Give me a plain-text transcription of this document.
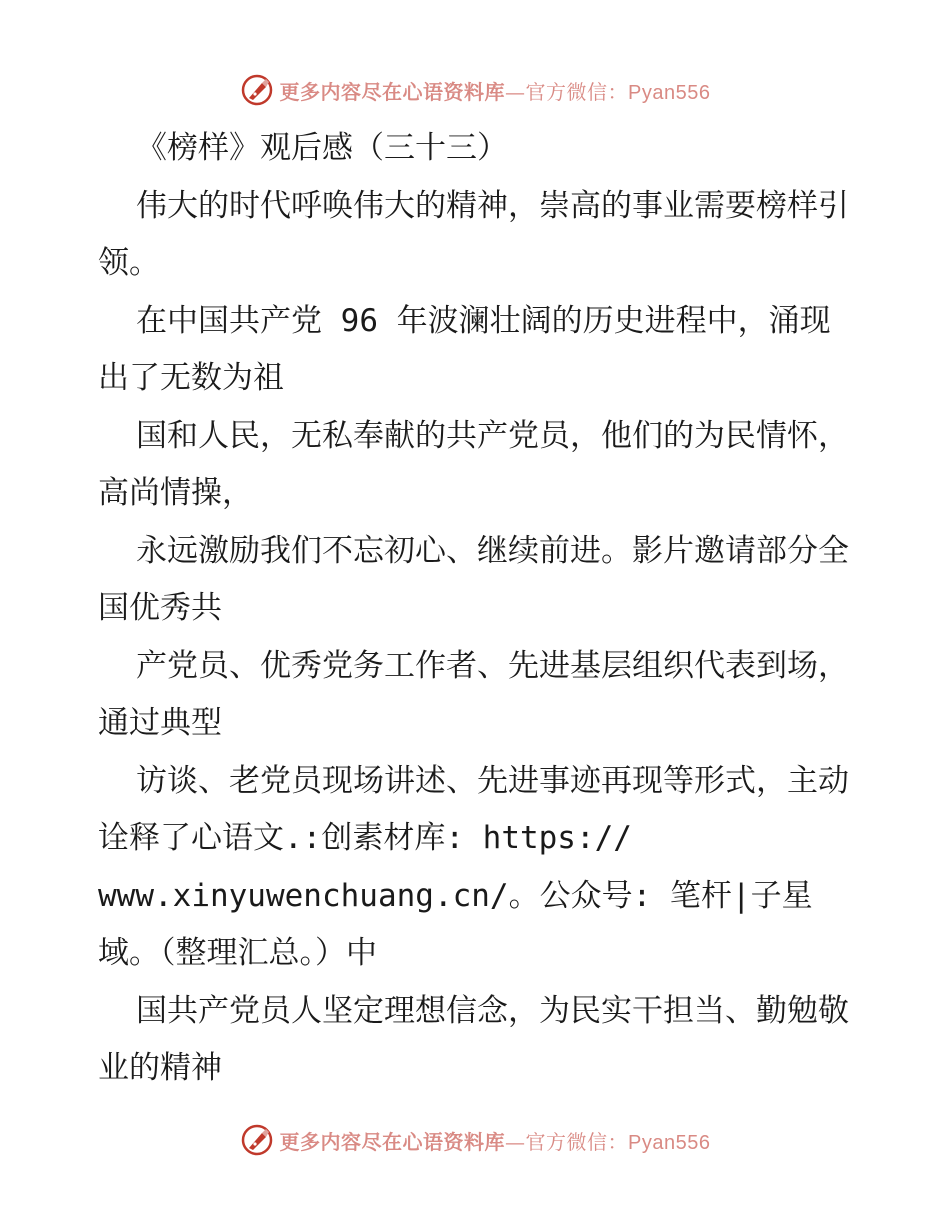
更多内容尽在心语资料库—官方微信：Pyan556

《榜样》观后感（三十三）

伟大的时代呼唤伟大的精神，崇高的事业需要榜样引领。

在中国共产党 96 年波澜壮阔的历史进程中，涌现出了无数为祖

国和人民，无私奉献的共产党员，他们的为民情怀，高尚情操，

永远激励我们不忘初心、继续前进。影片邀请部分全国优秀共

产党员、优秀党务工作者、先进基层组织代表到场，通过典型

访谈、老党员现场讲述、先进事迹再现等形式，主动诠释了心语文.:创素材库: https://

www.xinyuwenchuang.cn/。公众号: 笔杆|子星

域。（整理汇总。）中

国共产党员人坚定理想信念，为民实干担当、勤勉敬业的精神

更多内容尽在心语资料库—官方微信：Pyan556
